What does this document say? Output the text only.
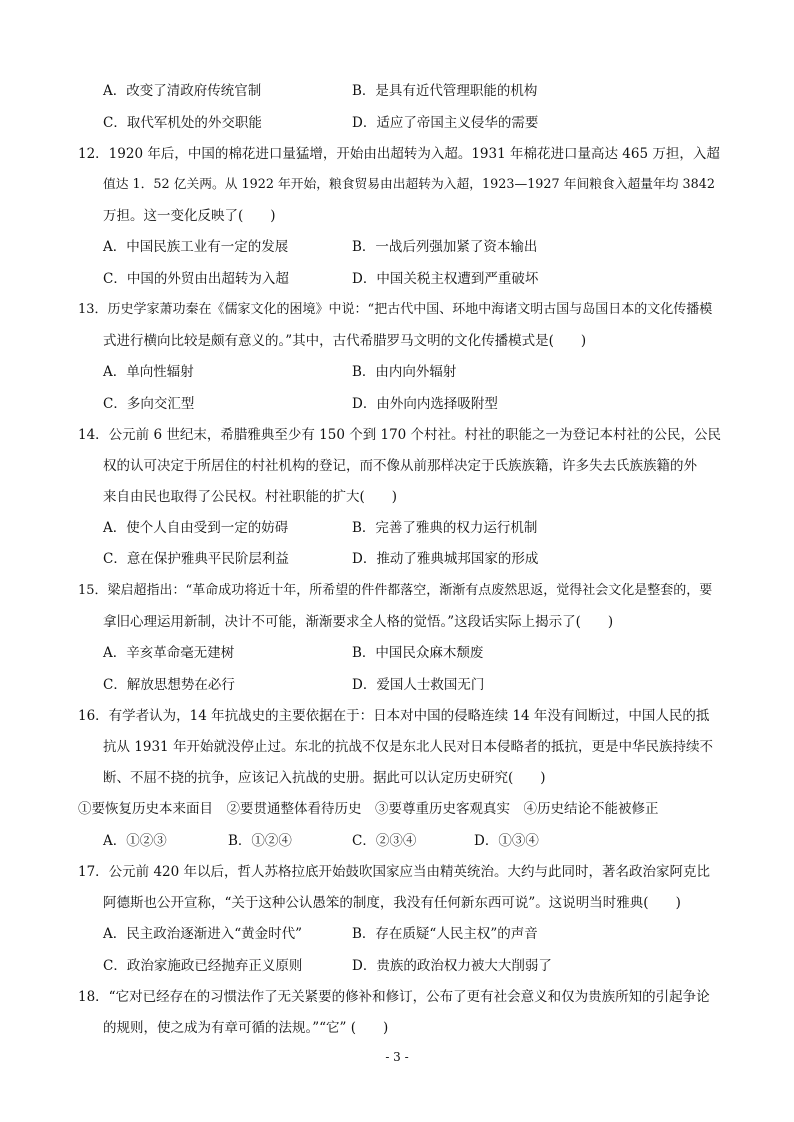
A．改变了清政府传统官制	B．是具有近代管理职能的机构
C．取代军机处的外交职能	D．适应了帝国主义侵华的需要
12．1920 年后，中国的棉花进口量猛增，开始由出超转为入超。1931 年棉花进口量高达 465 万担，入超
值达 1．52 亿关两。从 1922 年开始，粮食贸易由出超转为入超，1923—1927 年间粮食入超量年均 3842
万担。这一变化反映了(　　)
A．中国民族工业有一定的发展	B．一战后列强加紧了资本输出
C．中国的外贸由出超转为入超	D．中国关税主权遭到严重破坏
13．历史学家萧功秦在《儒家文化的困境》中说：“把古代中国、环地中海诸文明古国与岛国日本的文化传播模
式进行横向比较是颇有意义的。”其中，古代希腊罗马文明的文化传播模式是(　　)
A．单向性辐射	B．由内向外辐射
C．多向交汇型	D．由外向内选择吸附型
14．公元前 6 世纪末，希腊雅典至少有 150 个到 170 个村社。村社的职能之一为登记本村社的公民，公民
权的认可决定于所居住的村社机构的登记，而不像从前那样决定于氏族族籍，许多失去氏族族籍的外
来自由民也取得了公民权。村社职能的扩大(　　)
A．使个人自由受到一定的妨碍	B．完善了雅典的权力运行机制
C．意在保护雅典平民阶层利益	D．推动了雅典城邦国家的形成
15．梁启超指出：“革命成功将近十年，所希望的件件都落空，渐渐有点废然思返，觉得社会文化是整套的，要
拿旧心理运用新制，决计不可能，渐渐要求全人格的觉悟。”这段话实际上揭示了(　　)
A．辛亥革命毫无建树	B．中国民众麻木颓废
C．解放思想势在必行	D．爱国人士救国无门
16．有学者认为，14 年抗战史的主要依据在于：日本对中国的侵略连续 14 年没有间断过，中国人民的抵
抗从 1931 年开始就没停止过。东北的抗战不仅是东北人民对日本侵略者的抵抗，更是中华民族持续不
断、不屈不挠的抗争，应该记入抗战的史册。据此可以认定历史研究(　　)
①要恢复历史本来面目　②要贯通整体看待历史　③要尊重历史客观真实　④历史结论不能被修正
A．①②③	B．①②④	C．②③④	D．①③④
17．公元前 420 年以后，哲人苏格拉底开始鼓吹国家应当由精英统治。大约与此同时，著名政治家阿克比
阿德斯也公开宣称，“关于这种公认愚笨的制度，我没有任何新东西可说”。这说明当时雅典(　　)
A．民主政治逐渐进入“黄金时代”	B．存在质疑“人民主权”的声音
C．政治家施政已经抛弃正义原则	D．贵族的政治权力被大大削弱了
18．“它对已经存在的习惯法作了无关紧要的修补和修订，公布了更有社会意义和仅为贵族所知的引起争论
的规则，使之成为有章可循的法规。”“它” (　　)
- 3 -
